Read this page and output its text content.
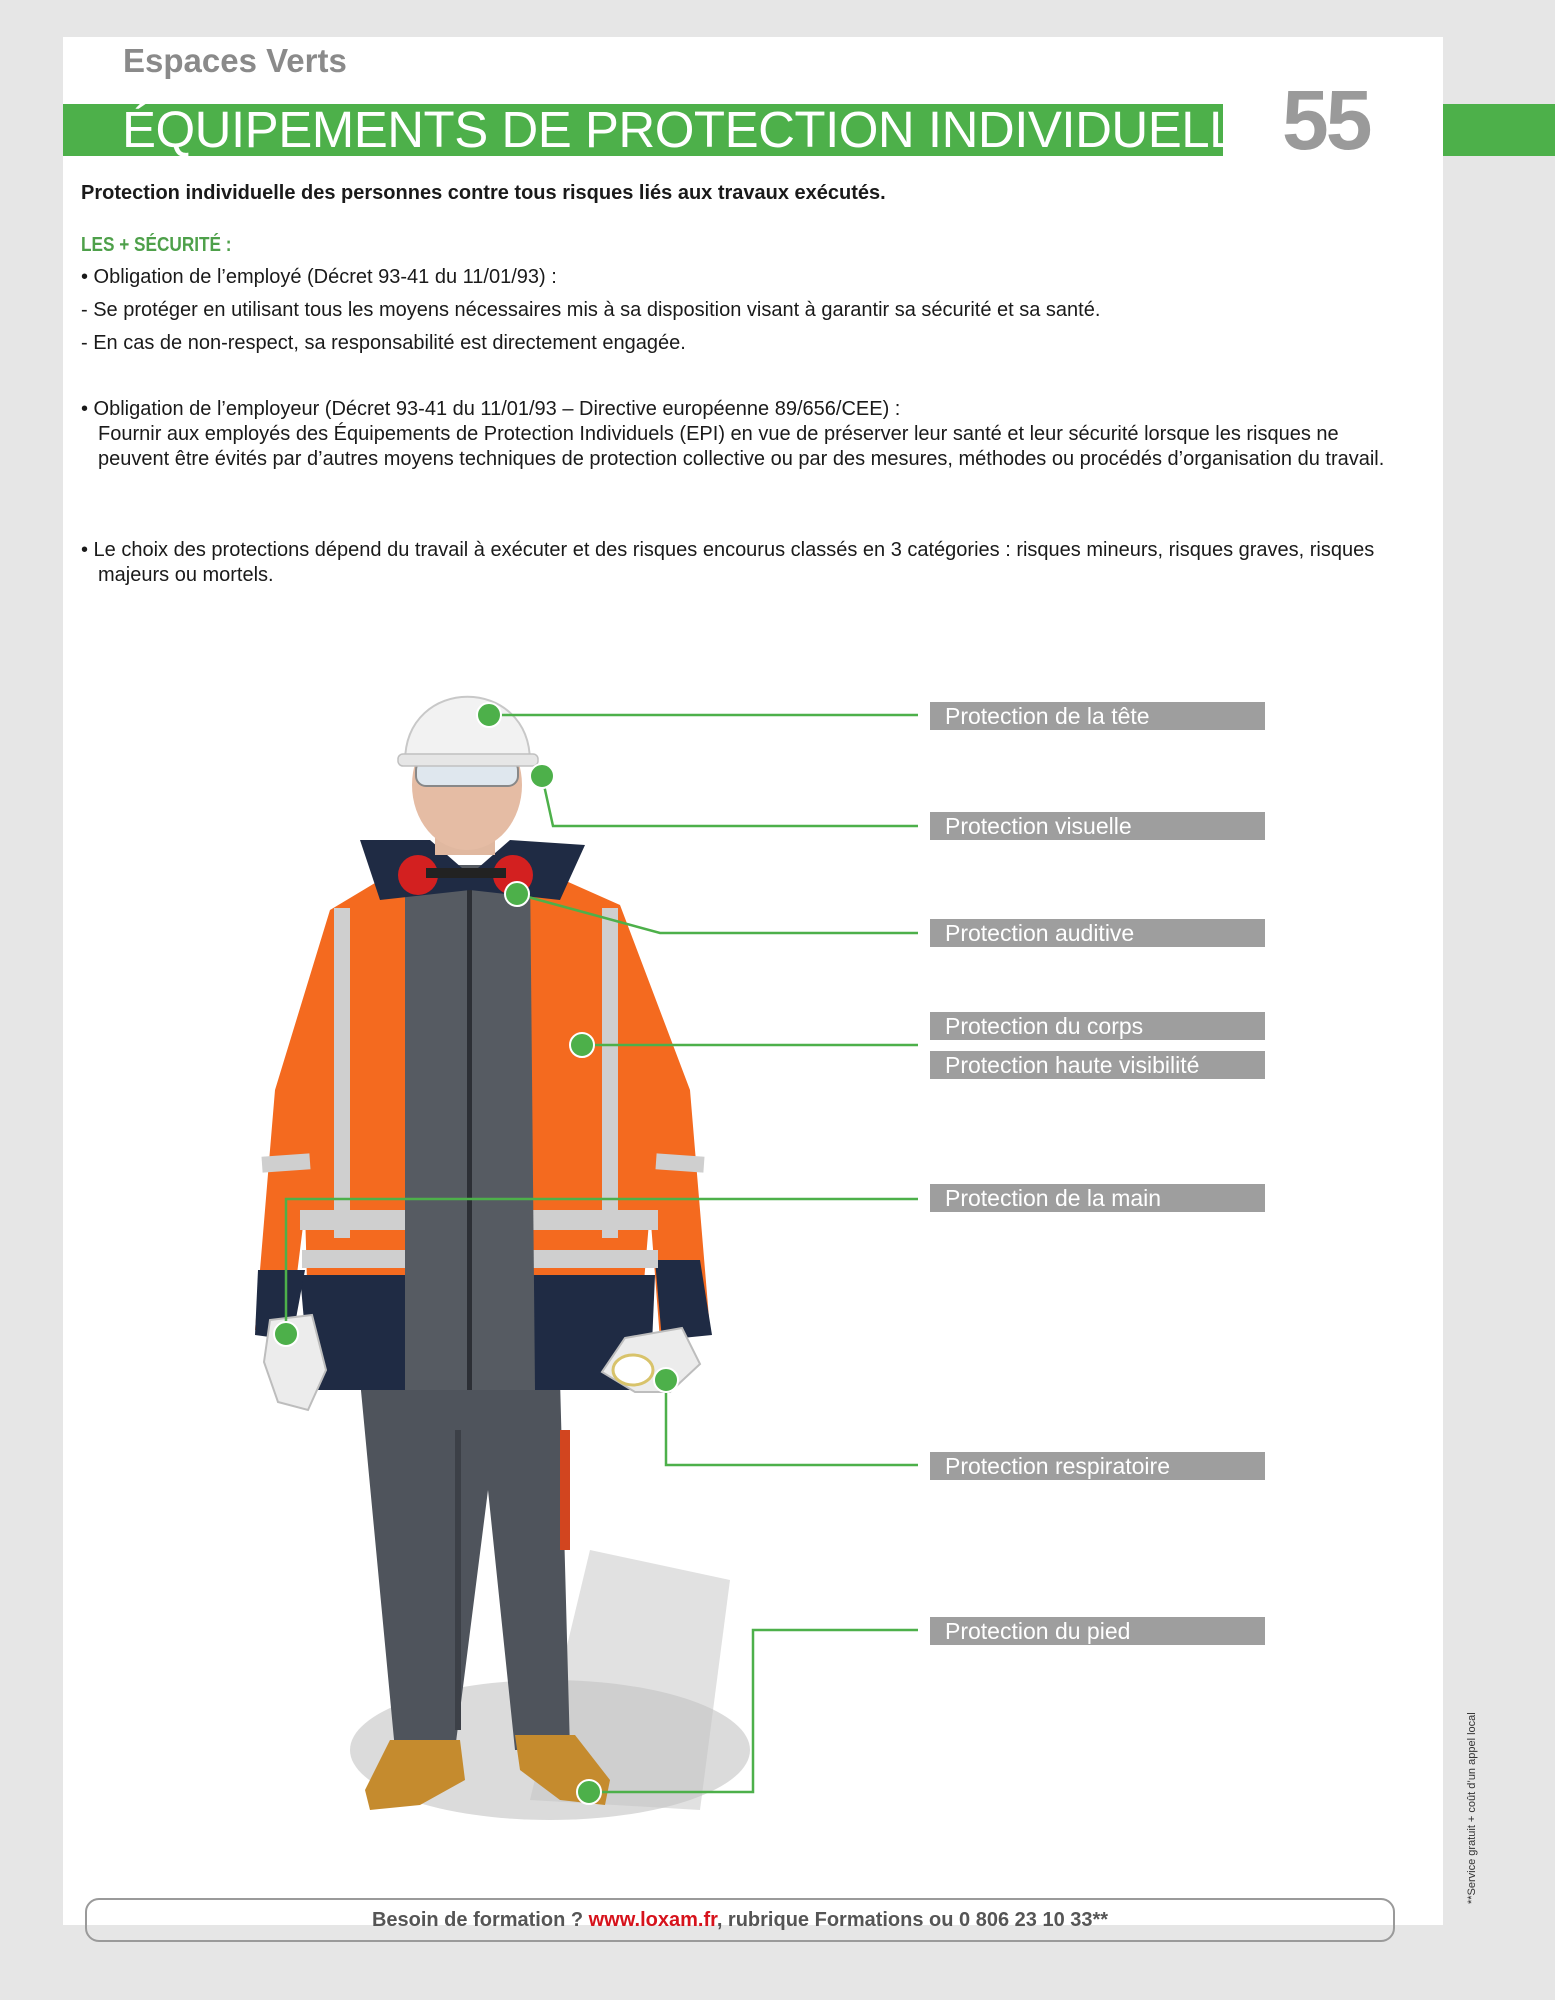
Espaces Verts
ÉQUIPEMENTS DE PROTECTION INDIVIDUELLE 55

Protection individuelle des personnes contre tous risques liés aux travaux exécutés.

LES + SÉCURITÉ :

• Obligation de l’employé (Décret 93-41 du 11/01/93) :

- Se protéger en utilisant tous les moyens nécessaires mis à sa disposition visant à garantir sa sécurité et sa santé.

- En cas de non-respect, sa responsabilité est directement engagée.

• Obligation de l’employeur (Décret 93-41 du 11/01/93 – Directive européenne 89/656/CEE) :

Fournir aux employés des Équipements de Protection Individuels (EPI) en vue de préserver leur santé et leur sécurité lorsque les risques ne peuvent être évités par d’autres moyens techniques de protection collective ou par des mesures, méthodes ou procédés d’organisation du travail.

• Le choix des protections dépend du travail à exécuter et des risques encourus classés en 3 catégories : risques mineurs, risques graves, risques majeurs ou mortels.

Protection de la tête
Protection visuelle
Protection auditive
Protection du corps
Protection haute visibilité
Protection de la main
Protection respiratoire
Protection du pied
Besoin de formation ? www.loxam.fr, rubrique Formations ou 0 806 23 10 33**
**Service gratuit + coût d’un appel local
